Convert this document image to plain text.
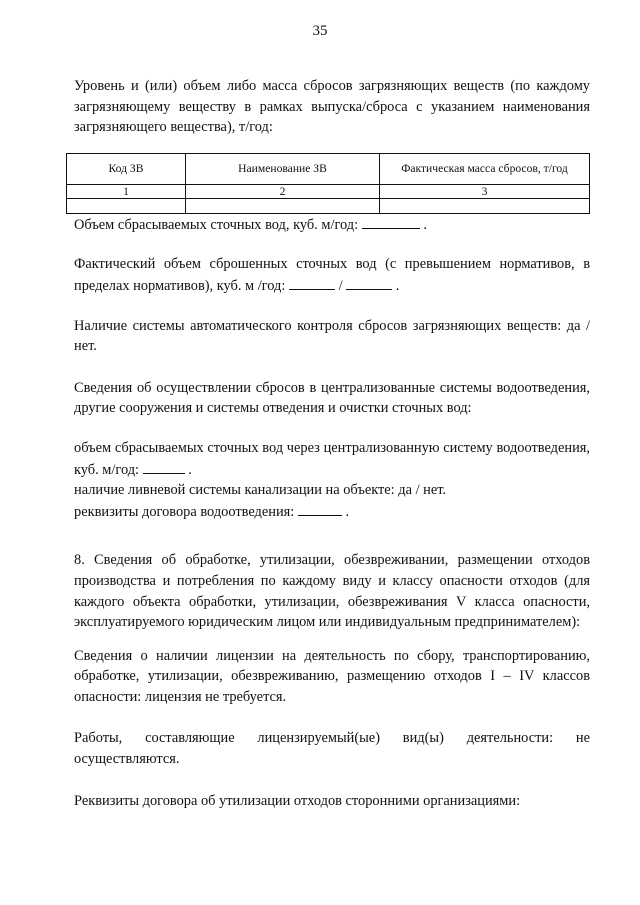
35

Уровень и (или) объем либо масса сбросов загрязняющих веществ (по каждому загрязняющему веществу в рамках выпуска/сброса с указанием наименования загрязняющего вещества), т/год:

Код ЗВ	Наименование ЗВ	Фактическая масса сбросов, т/год
1	2	3

Объем сбрасываемых сточных вод, куб. м/год:	.

Фактический объем сброшенных сточных вод (с превышением нормативов, в пределах нормативов), куб. м /год:	/	.

Наличие системы автоматического контроля сбросов загрязняющих веществ: да / нет.

Сведения об осуществлении сбросов в централизованные системы водоотведения, другие сооружения и системы отведения и очистки сточных вод:

объем сбрасываемых сточных вод через централизованную систему водоотведения, куб. м/год:	.

наличие ливневой системы канализации на объекте: да / нет.

реквизиты договора водоотведения:	.

8. Сведения об обработке, утилизации, обезвреживании, размещении отходов производства и потребления по каждому виду и классу опасности отходов (для каждого объекта обработки, утилизации, обезвреживания V класса опасности, эксплуатируемого юридическим лицом или индивидуальным предпринимателем):

Сведения о наличии лицензии на деятельность по сбору, транспортированию, обработке, утилизации, обезвреживанию, размещению отходов I – IV классов опасности: лицензия не требуется.

Работы, составляющие лицензируемый(ые) вид(ы) деятельности: не осуществляются.

Реквизиты договора об утилизации отходов сторонними организациями:
